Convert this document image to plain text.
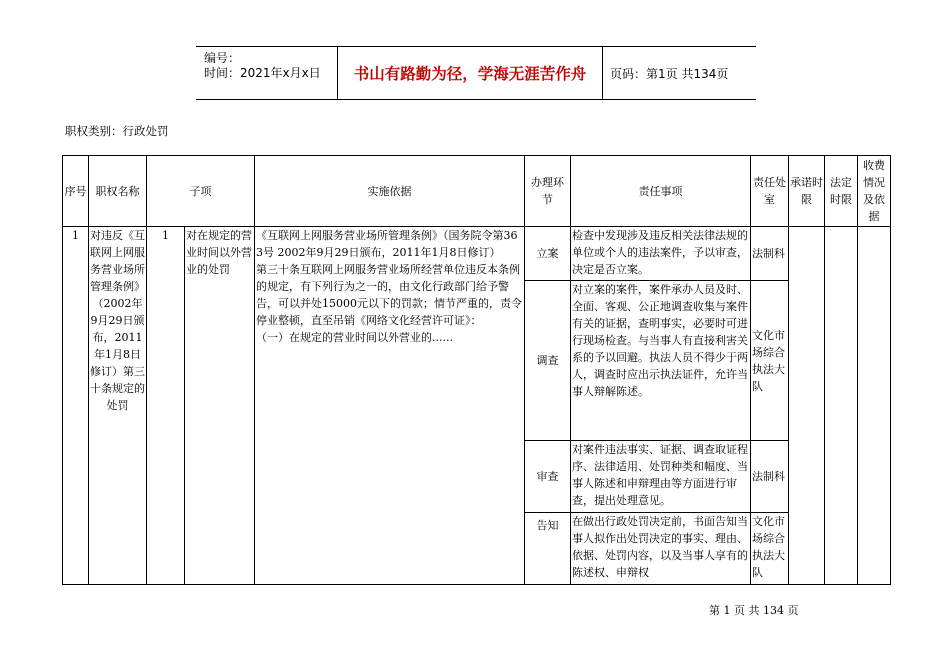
编号：
时间：2021年x月x日	书山有路勤为径，学海无涯苦作舟	页码：第1页 共134页
职权类别：行政处罚
序号	职权名称	子项		实施依据	办理环节	责任事项	责任处室	承诺时限	法定时限	收费情况及依据
1	对违反《互联网上网服务营业场所管理条例》（2002年9月29日颁布，2011年1月8日修订）第三十条规定的处罚	1	对在规定的营业时间以外营业的处罚	《互联网上网服务营业场所管理条例》（国务院令第363号 2002年9月29日颁布，2011年1月8日修订）
第三十条互联网上网服务营业场所经营单位违反本条例的规定，有下列行为之一的，由文化行政部门给予警告，可以并处15000元以下的罚款；情节严重的，责令停业整顿，直至吊销《网络文化经营许可证》：
（一）在规定的营业时间以外营业的......	立案	检查中发现涉及违反相关法律法规的单位或个人的违法案件，予以审查，决定是否立案。	法制科			
					调查	对立案的案件，案件承办人员及时、全面、客观、公正地调查收集与案件有关的证据，查明事实，必要时可进行现场检查。与当事人有直接利害关系的予以回避。执法人员不得少于两人，调查时应出示执法证件，允许当事人辩解陈述。	文化市场综合执法大队			
					审查	对案件违法事实、证据、调查取证程序、法律适用、处罚种类和幅度、当事人陈述和申辩理由等方面进行审查，提出处理意见。	法制科			
					告知	在做出行政处罚决定前，书面告知当事人拟作出处罚决定的事实、理由、依据、处罚内容，以及当事人享有的陈述权、申辩权	文化市场综合执法大队			
第 1 页 共 134 页
